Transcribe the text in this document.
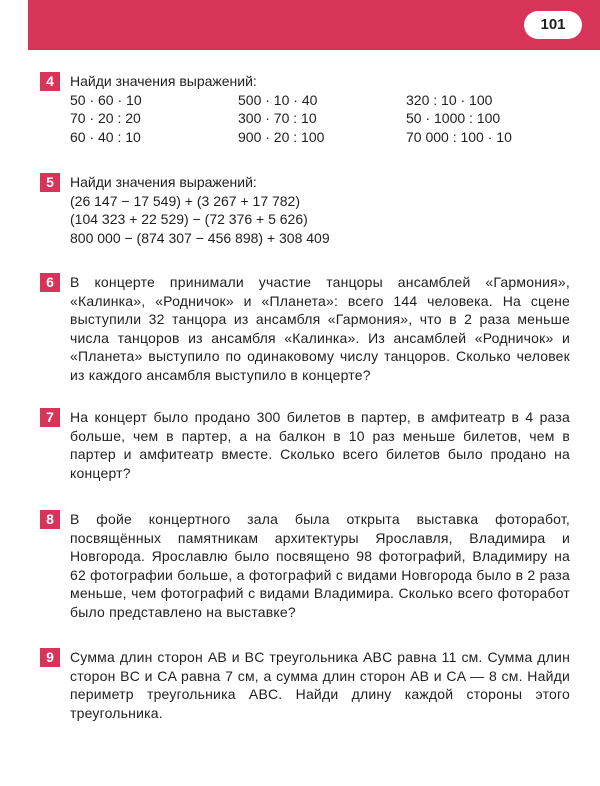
101
4	Найди значения выражений:
50 · 60 · 10	500 · 10 · 40	320 : 10 · 100
70 · 20 : 20	300 · 70 : 10	50 · 1000 : 100
60 · 40 : 10	900 · 20 : 100	70 000 : 100 · 10
5	Найди значения выражений:
(26 147 − 17 549) + (3 267 + 17 782)
(104 323 + 22 529) − (72 376 + 5 626)
800 000 − (874 307 − 456 898) + 308 409
6	В концерте принимали участие танцоры ансамблей «Гармония», «Калинка», «Родничок» и «Планета»: всего 144 человека. На сцене выступили 32 танцора из ансамбля «Гармония», что в 2 раза меньше числа танцоров из ансамбля «Калинка». Из ансамблей «Родничок» и «Планета» выступило по одинаковому числу танцоров. Сколько человек из каждого ансамбля выступило в концерте?
7	На концерт было продано 300 билетов в партер, в амфитеатр в 4 раза больше, чем в партер, а на балкон в 10 раз меньше билетов, чем в партер и амфитеатр вместе. Сколько всего билетов было продано на концерт?
8	В фойе концертного зала была открыта выставка фоторабот, посвящённых памятникам архитектуры Ярославля, Владимира и Новгорода. Ярославлю было посвящено 98 фотографий, Владимиру на 62 фотографии больше, а фотографий с видами Новгорода было в 2 раза меньше, чем фотографий с видами Владимира. Сколько всего фоторабот было представлено на выставке?
9	Сумма длин сторон AB и BC треугольника ABC равна 11 см. Сумма длин сторон BC и CA равна 7 см, а сумма длин сторон AB и CA — 8 см. Найди периметр треугольника ABC. Найди длину каждой стороны этого треугольника.
